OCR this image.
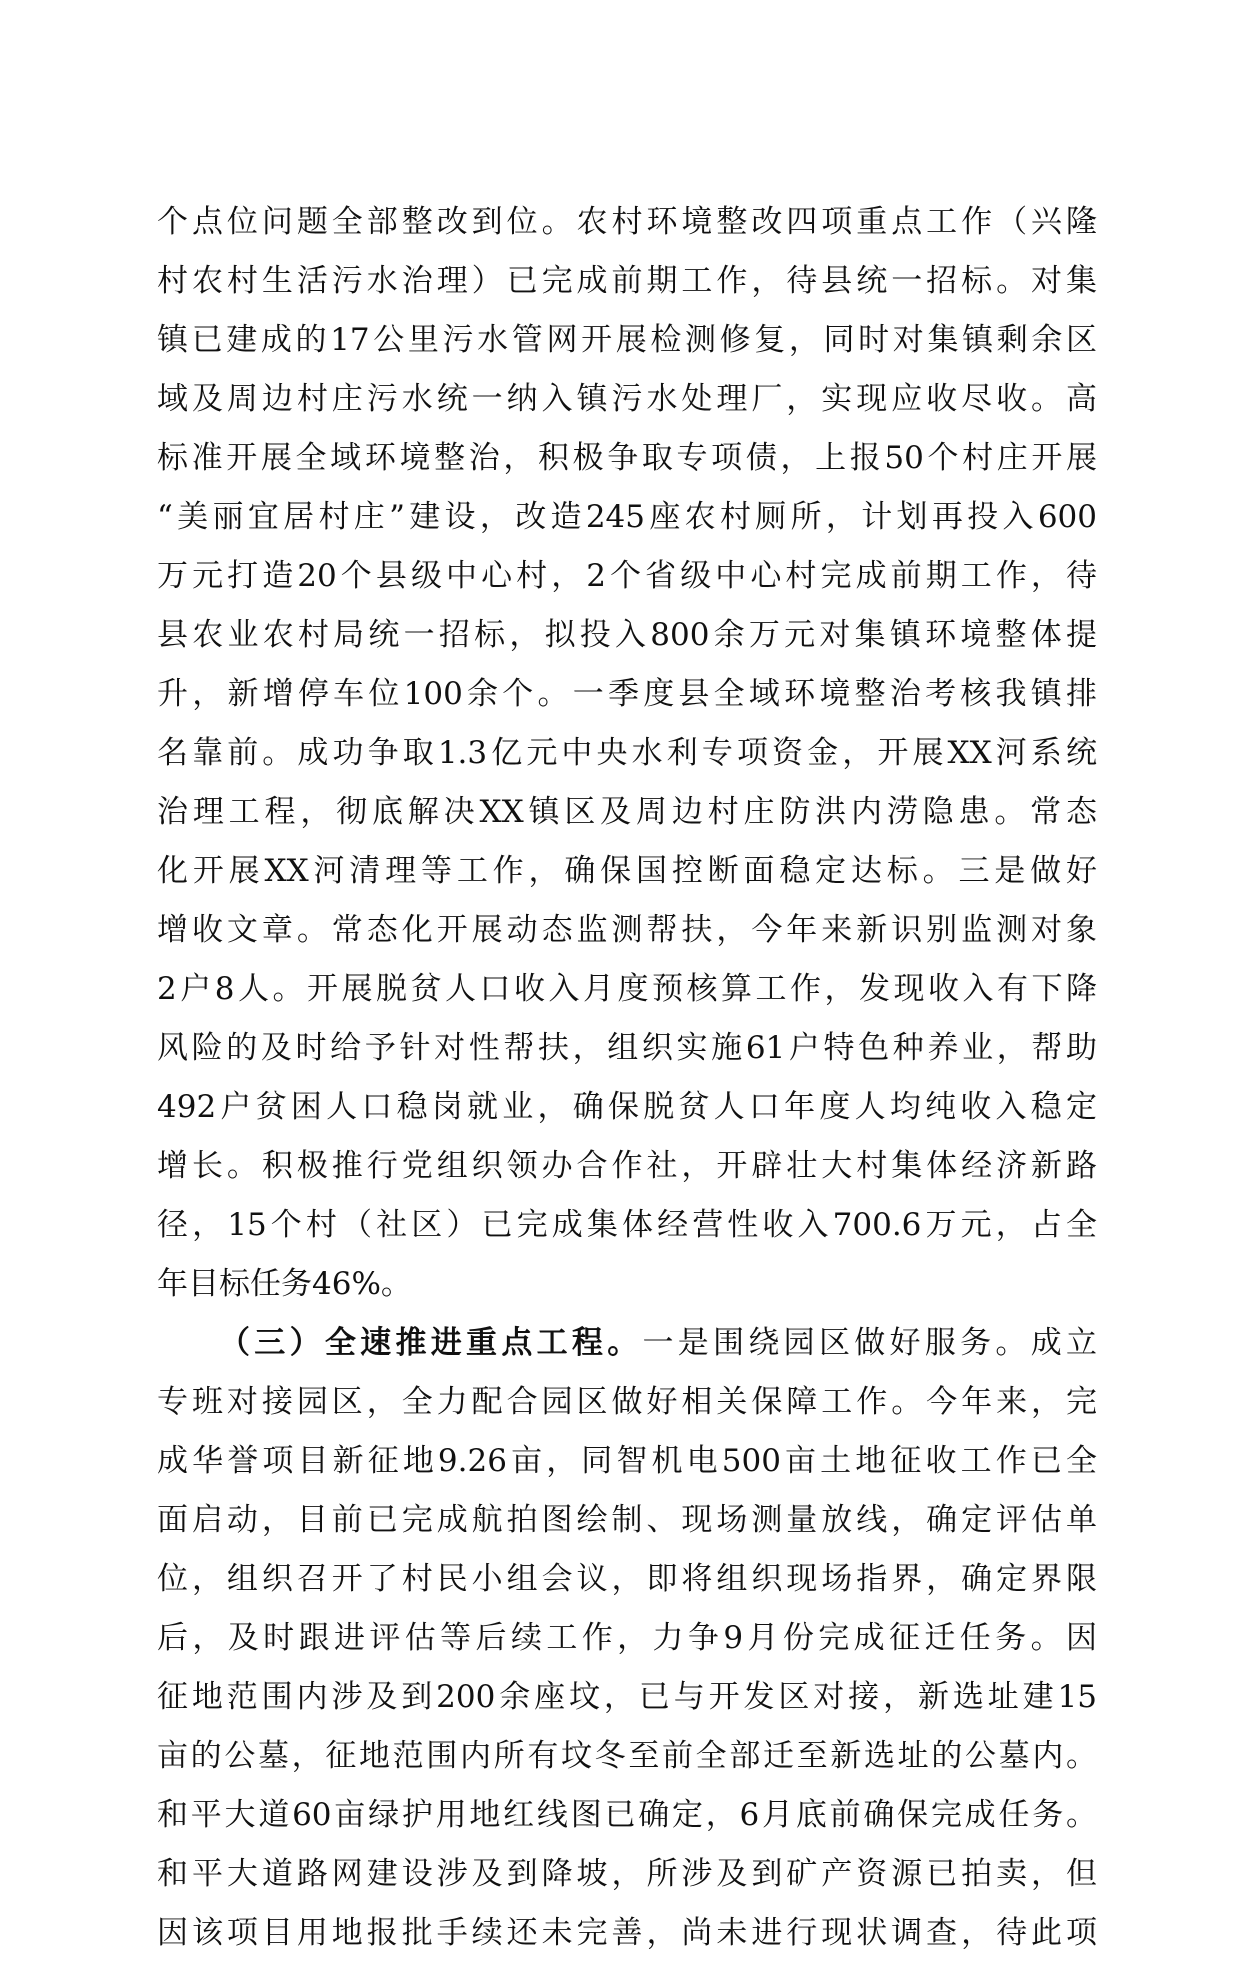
个点位问题全部整改到位。农村环境整改四项重点工作（兴隆
村农村生活污水治理）已完成前期工作，待县统一招标。对集
镇已建成的17公里污水管网开展检测修复，同时对集镇剩余区
域及周边村庄污水统一纳入镇污水处理厂，实现应收尽收。高
标准开展全域环境整治，积极争取专项债，上报50个村庄开展
“美丽宜居村庄”建设，改造245座农村厕所，计划再投入600
万元打造20个县级中心村，2个省级中心村完成前期工作，待
县农业农村局统一招标，拟投入800余万元对集镇环境整体提
升，新增停车位100余个。一季度县全域环境整治考核我镇排
名靠前。成功争取1.3亿元中央水利专项资金，开展XX河系统
治理工程，彻底解决XX镇区及周边村庄防洪内涝隐患。常态
化开展XX河清理等工作，确保国控断面稳定达标。三是做好
增收文章。常态化开展动态监测帮扶，今年来新识别监测对象
2户8人。开展脱贫人口收入月度预核算工作，发现收入有下降
风险的及时给予针对性帮扶，组织实施61户特色种养业，帮助
492户贫困人口稳岗就业，确保脱贫人口年度人均纯收入稳定
增长。积极推行党组织领办合作社，开辟壮大村集体经济新路
径，15个村（社区）已完成集体经营性收入700.6万元，占全
年目标任务46%。
（三）全速推进重点工程。一是围绕园区做好服务。成立
专班对接园区，全力配合园区做好相关保障工作。今年来，完
成华誉项目新征地9.26亩，同智机电500亩土地征收工作已全
面启动，目前已完成航拍图绘制、现场测量放线，确定评估单
位，组织召开了村民小组会议，即将组织现场指界，确定界限
后，及时跟进评估等后续工作，力争9月份完成征迁任务。因
征地范围内涉及到200余座坟，已与开发区对接，新选址建15
亩的公墓，征地范围内所有坟冬至前全部迁至新选址的公墓内。
和平大道60亩绿护用地红线图已确定，6月底前确保完成任务。
和平大道路网建设涉及到降坡，所涉及到矿产资源已拍卖，但
因该项目用地报批手续还未完善，尚未进行现状调查，待此项
